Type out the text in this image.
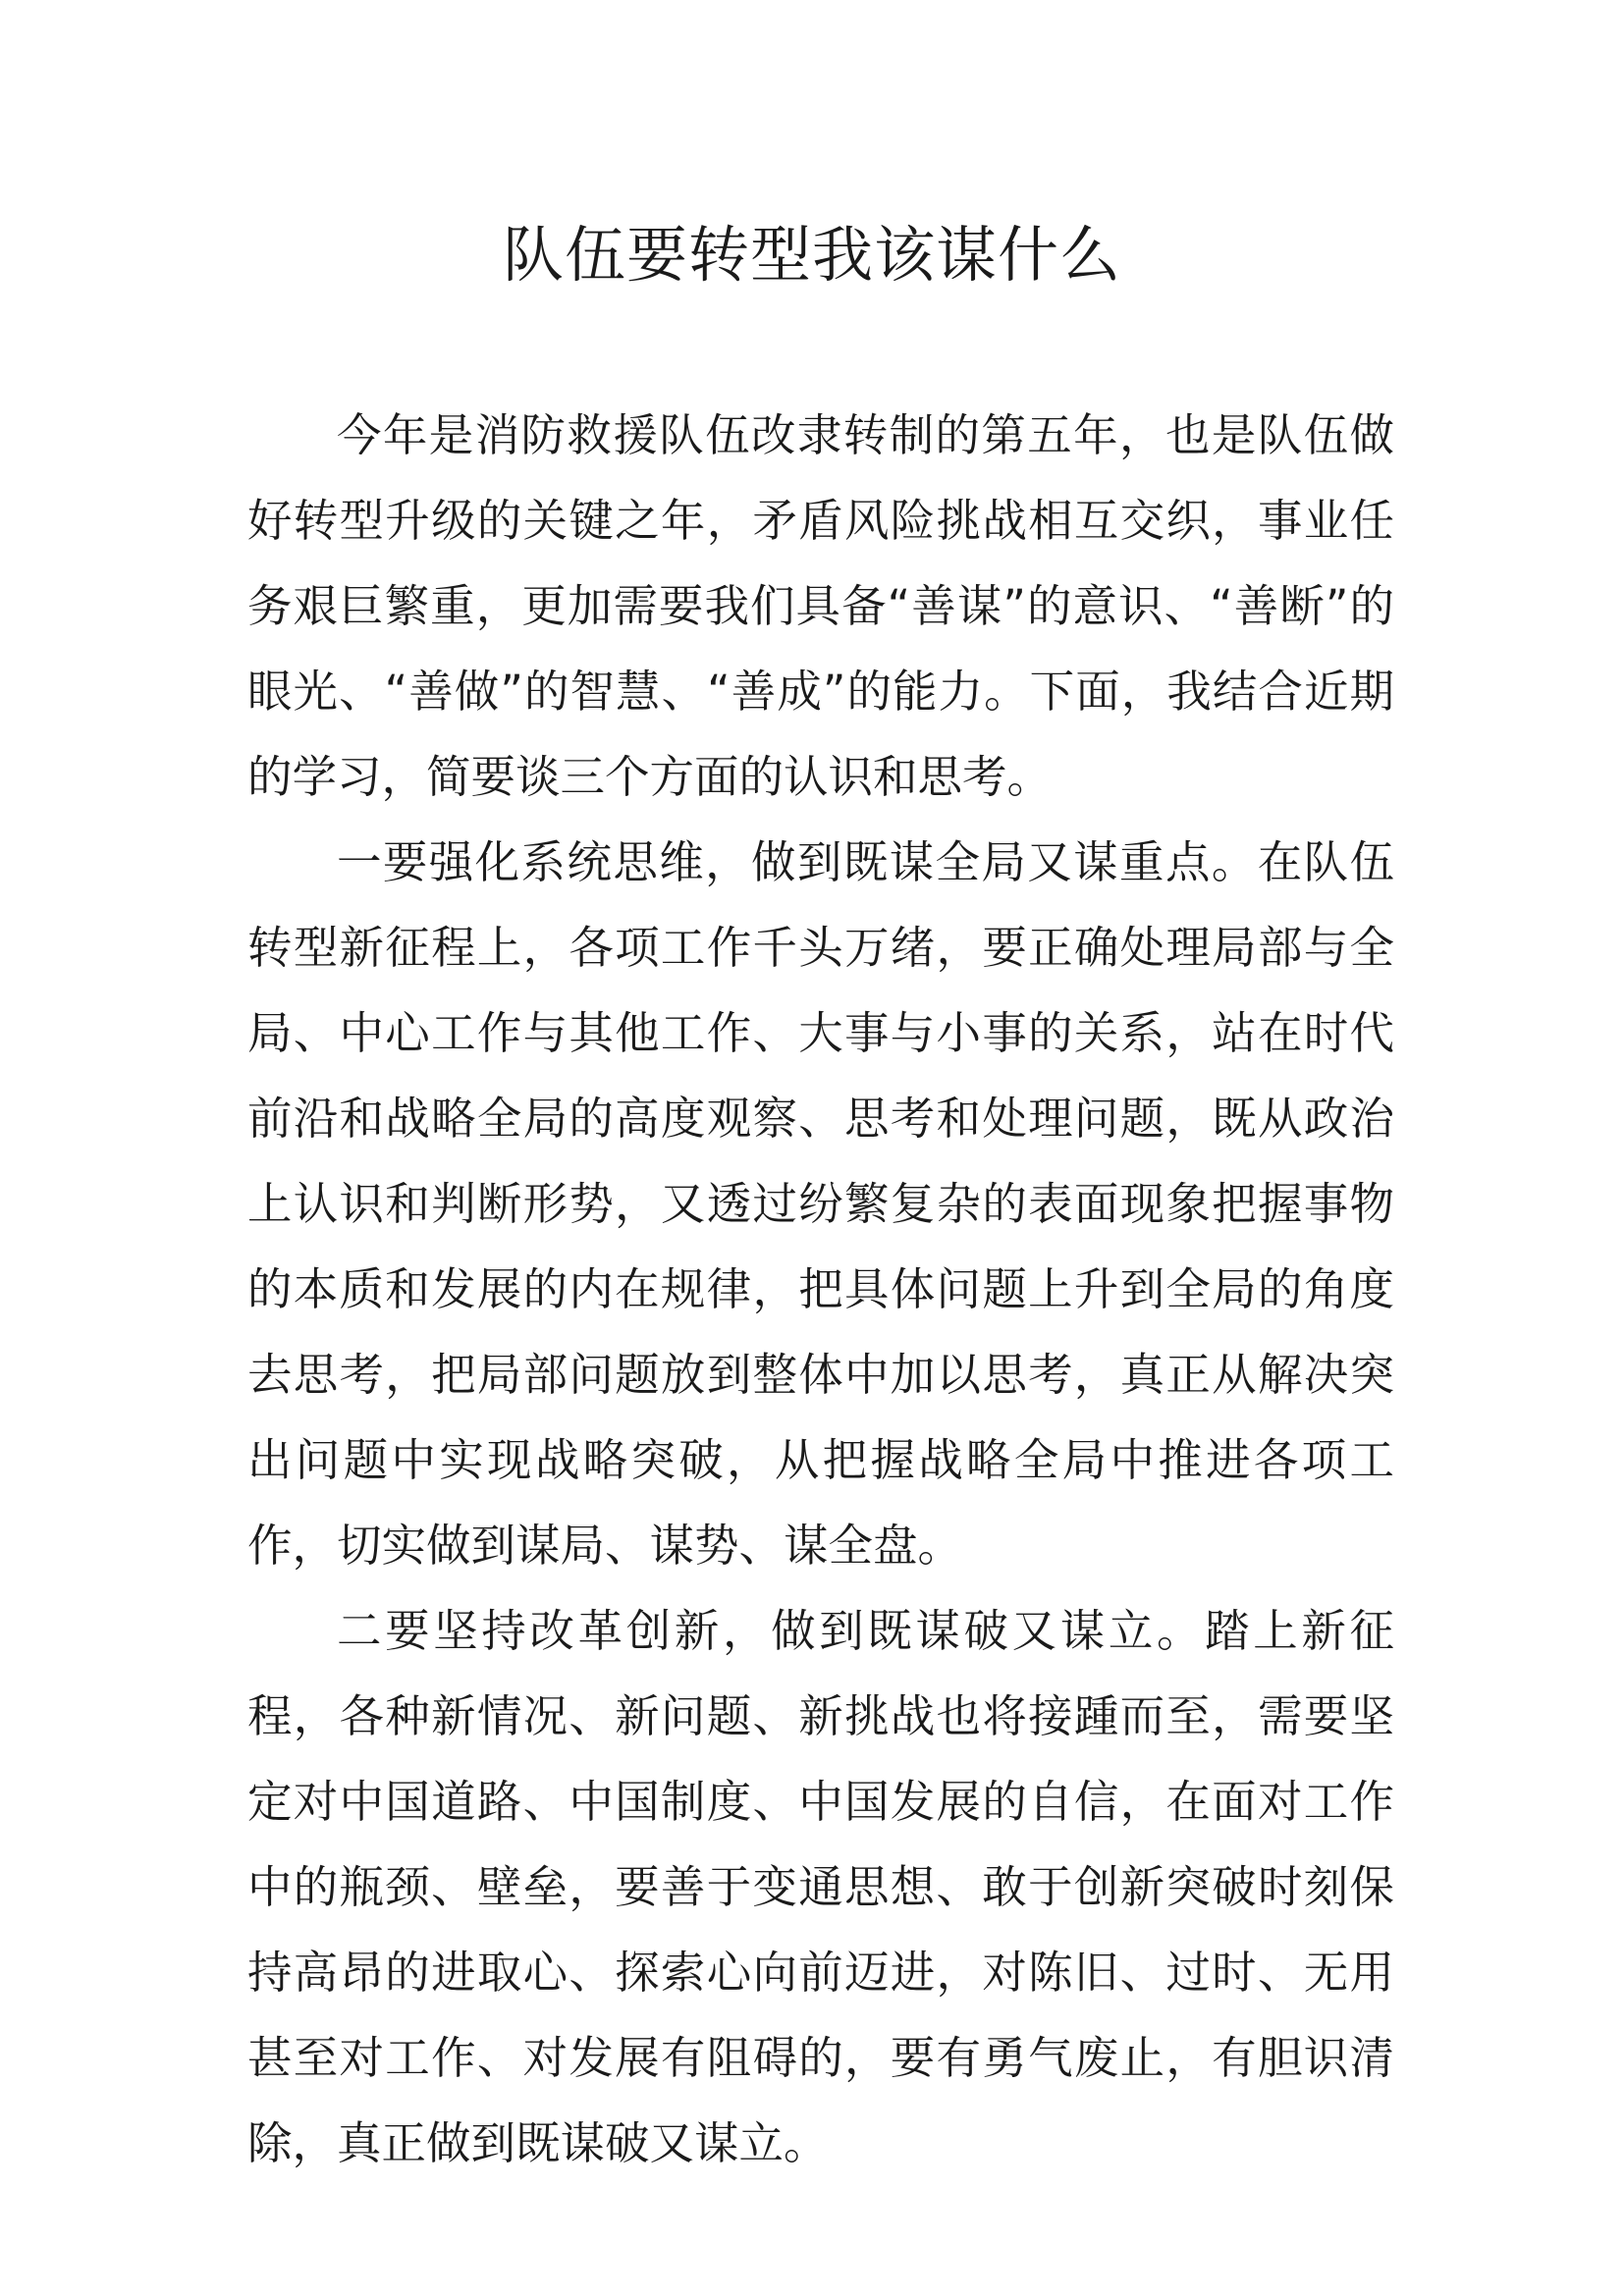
队伍要转型我该谋什么

今年是消防救援队伍改隶转制的第五年，也是队伍做好转型升级的关键之年，矛盾风险挑战相互交织，事业任务艰巨繁重，更加需要我们具备“善谋”的意识、“善断”的眼光、“善做”的智慧、“善成”的能力。下面，我结合近期的学习，简要谈三个方面的认识和思考。

一要强化系统思维，做到既谋全局又谋重点。在队伍转型新征程上，各项工作千头万绪，要正确处理局部与全局、中心工作与其他工作、大事与小事的关系，站在时代前沿和战略全局的高度观察、思考和处理问题，既从政治上认识和判断形势，又透过纷繁复杂的表面现象把握事物的本质和发展的内在规律，把具体问题上升到全局的角度去思考，把局部问题放到整体中加以思考，真正从解决突出问题中实现战略突破，从把握战略全局中推进各项工作，切实做到谋局、谋势、谋全盘。

二要坚持改革创新，做到既谋破又谋立。踏上新征程，各种新情况、新问题、新挑战也将接踵而至，需要坚定对中国道路、中国制度、中国发展的自信，在面对工作中的瓶颈、壁垒，要善于变通思想、敢于创新突破时刻保持高昂的进取心、探索心向前迈进，对陈旧、过时、无用甚至对工作、对发展有阻碍的，要有勇气废止，有胆识清除，真正做到既谋破又谋立。
